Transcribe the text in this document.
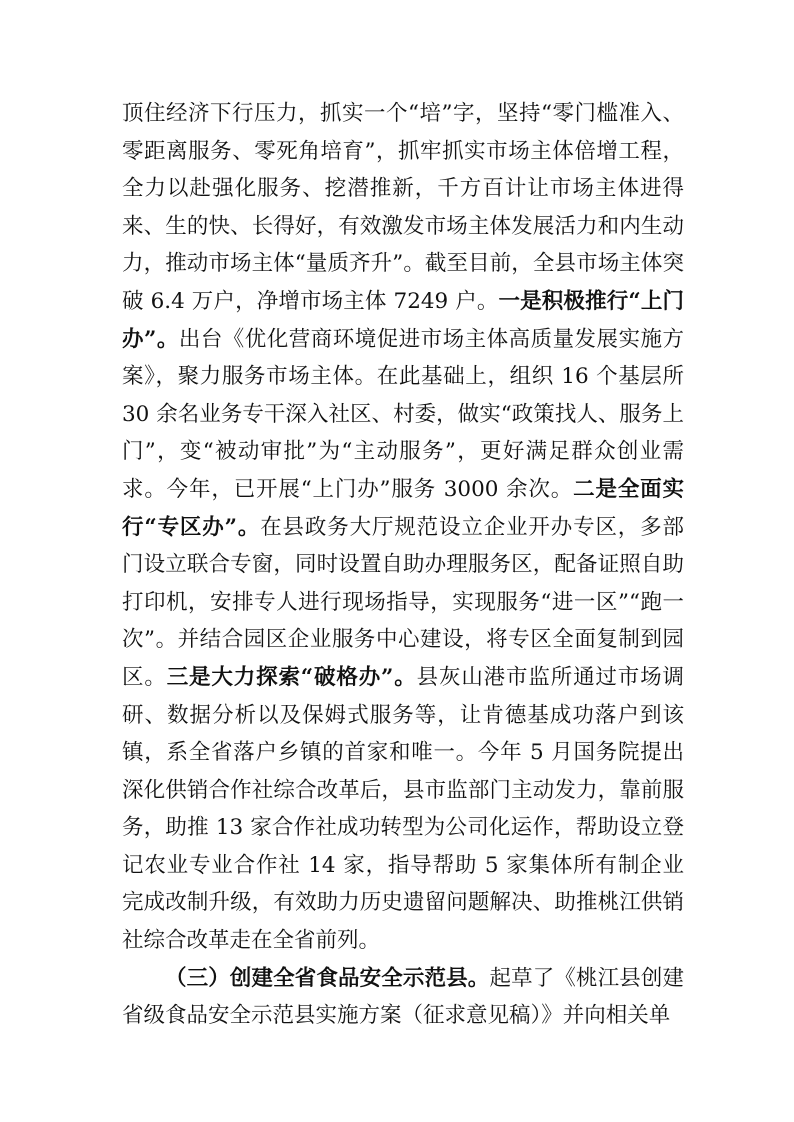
顶住经济下行压力，抓实一个“培”字，坚持“零门槛准入、零距离服务、零死角培育”，抓牢抓实市场主体倍增工程，全力以赴强化服务、挖潜推新，千方百计让市场主体进得来、生的快、长得好，有效激发市场主体发展活力和内生动力，推动市场主体“量质齐升”。截至目前，全县市场主体突破 6.4 万户，净增市场主体 7249 户。一是积极推行“上门办”。出台《优化营商环境促进市场主体高质量发展实施方案》，聚力服务市场主体。在此基础上，组织 16 个基层所 30 余名业务专干深入社区、村委，做实“政策找人、服务上门”，变“被动审批”为“主动服务”，更好满足群众创业需求。今年，已开展“上门办”服务 3000 余次。二是全面实行“专区办”。在县政务大厅规范设立企业开办专区，多部门设立联合专窗，同时设置自助办理服务区，配备证照自助打印机，安排专人进行现场指导，实现服务“进一区”“跑一次”。并结合园区企业服务中心建设，将专区全面复制到园区。三是大力探索“破格办”。县灰山港市监所通过市场调研、数据分析以及保姆式服务等，让肯德基成功落户到该镇，系全省落户乡镇的首家和唯一。今年 5 月国务院提出深化供销合作社综合改革后，县市监部门主动发力，靠前服务，助推 13 家合作社成功转型为公司化运作，帮助设立登记农业专业合作社 14 家，指导帮助 5 家集体所有制企业完成改制升级，有效助力历史遗留问题解决、助推桃江供销社综合改革走在全省前列。

（三）创建全省食品安全示范县。起草了《桃江县创建省级食品安全示范县实施方案（征求意见稿）》并向相关单
